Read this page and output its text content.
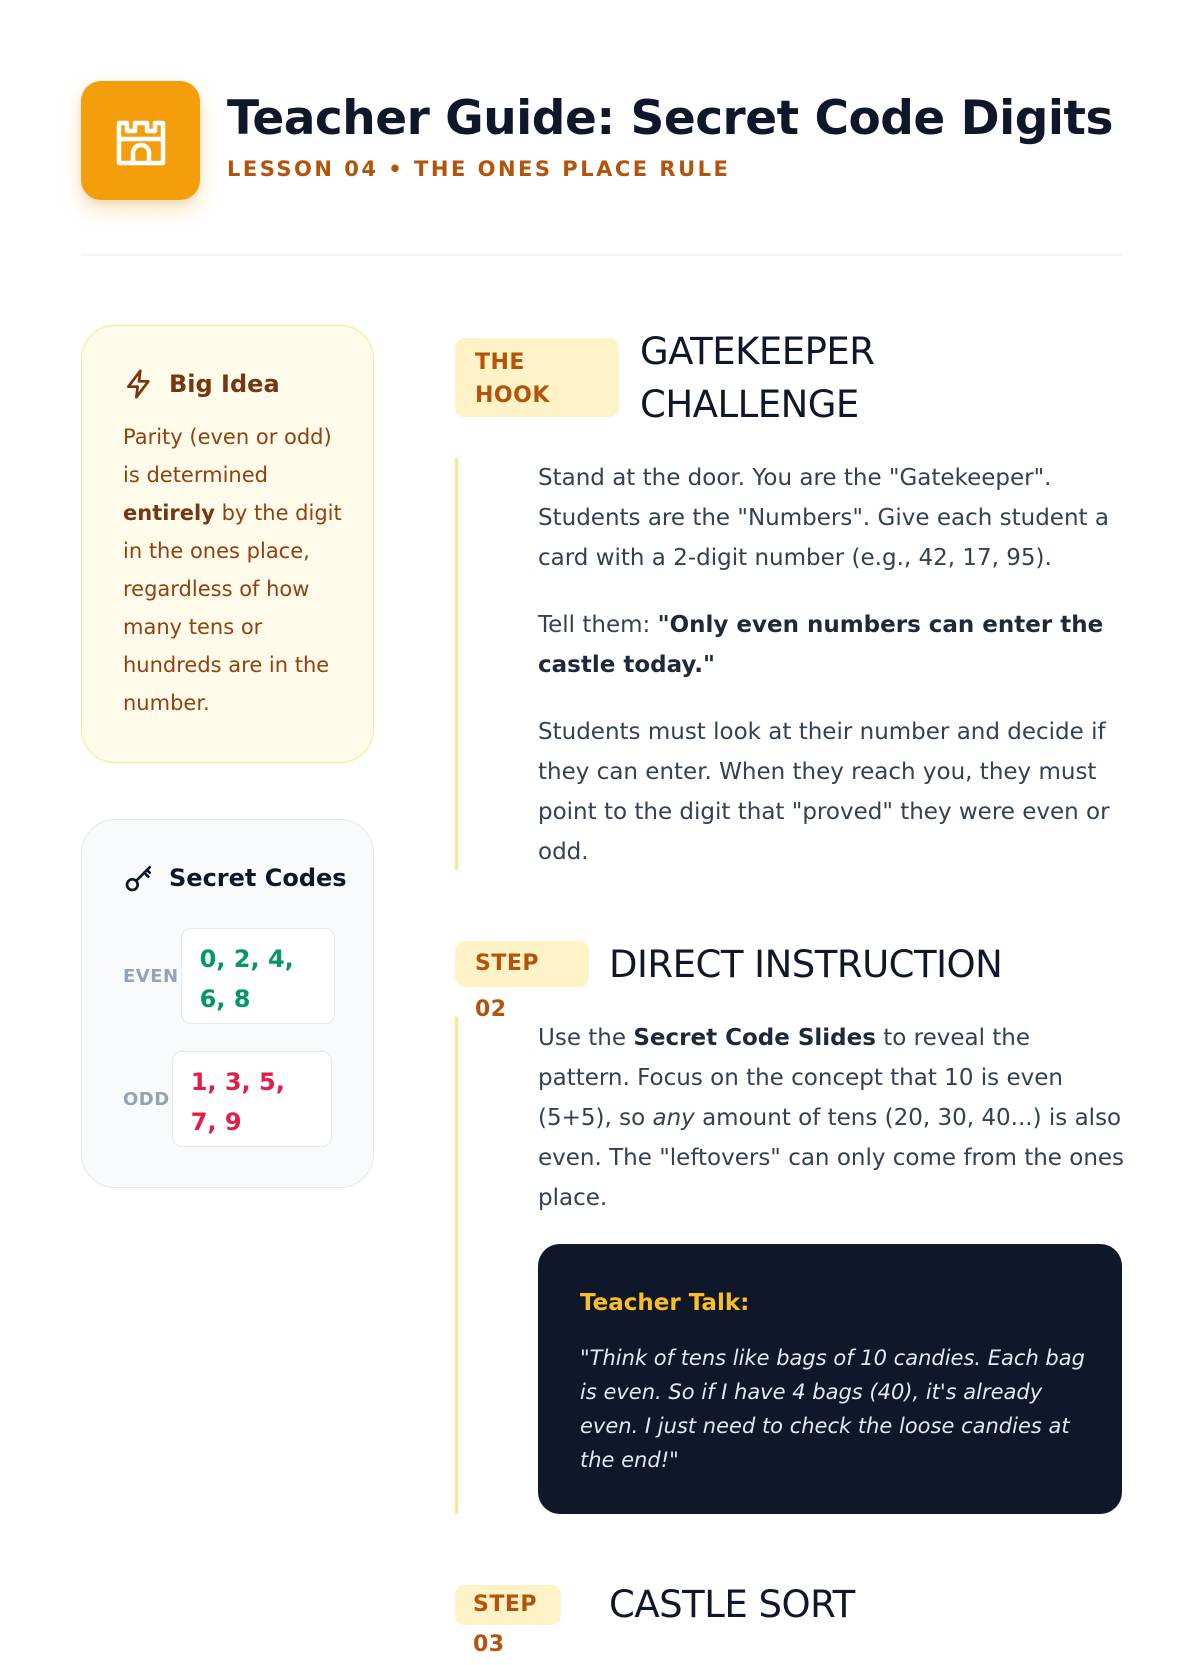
Teacher Guide: Secret Code Digits
LESSON 04 • THE ONES PLACE RULE
Big Idea
Parity (even or odd) is determined entirely by the digit in the ones place, regardless of how many tens or hundreds are in the number.
Secret Codes
EVEN
0, 2, 4, 6, 8
ODD
1, 3, 5, 7, 9
THE HOOK
GATEKEEPER CHALLENGE
Stand at the door. You are the "Gatekeeper". Students are the "Numbers". Give each student a card with a 2-digit number (e.g., 42, 17, 95).
Tell them: "Only even numbers can enter the castle today."
Students must look at their number and decide if they can enter. When they reach you, they must point to the digit that "proved" they were even or odd.
STEP 02
DIRECT INSTRUCTION
Use the Secret Code Slides to reveal the pattern. Focus on the concept that 10 is even (5+5), so any amount of tens (20, 30, 40...) is also even. The "leftovers" can only come from the ones place.
Teacher Talk:
"Think of tens like bags of 10 candies. Each bag is even. So if I have 4 bags (40), it's already even. I just need to check the loose candies at the end!"
STEP 03
CASTLE SORT
